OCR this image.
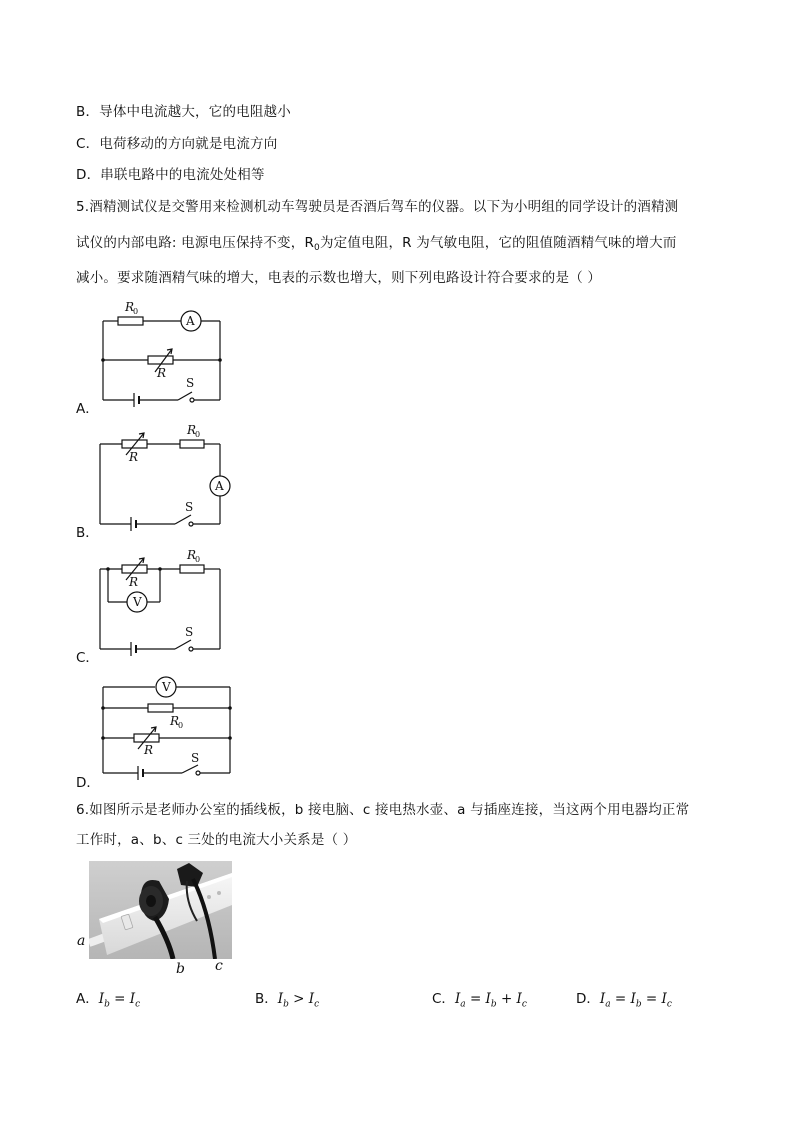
B．导体中电流越大，它的电阻越小
C．电荷移动的方向就是电流方向
D．串联电路中的电流处处相等
5.酒精测试仪是交警用来检测机动车驾驶员是否酒后驾车的仪器。以下为小明组的同学设计的酒精测
试仪的内部电路: 电源电压保持不变，$R_0$为定值电阻，R 为气敏电阻，它的阻值随酒精气味的增大而
减小。要求随酒精气味的增大，电表的示数也增大，则下列电路设计符合要求的是（ ）
R
0
A
R
S
A．
R
R
0
A
S
B．
R
R
0
V
S
C．
V
R
0
R
S
D．
6.如图所示是老师办公室的插线板，b 接电脑、c 接电热水壶、a 与插座连接，当这两个用电器均正常
工作时，a、b、c 三处的电流大小关系是（ ）
a
b c
A．$I_b = I_c$	B．$I_b > I_c$	C．$I_a = I_b + I_c$	D．$I_a = I_b = I_c$
